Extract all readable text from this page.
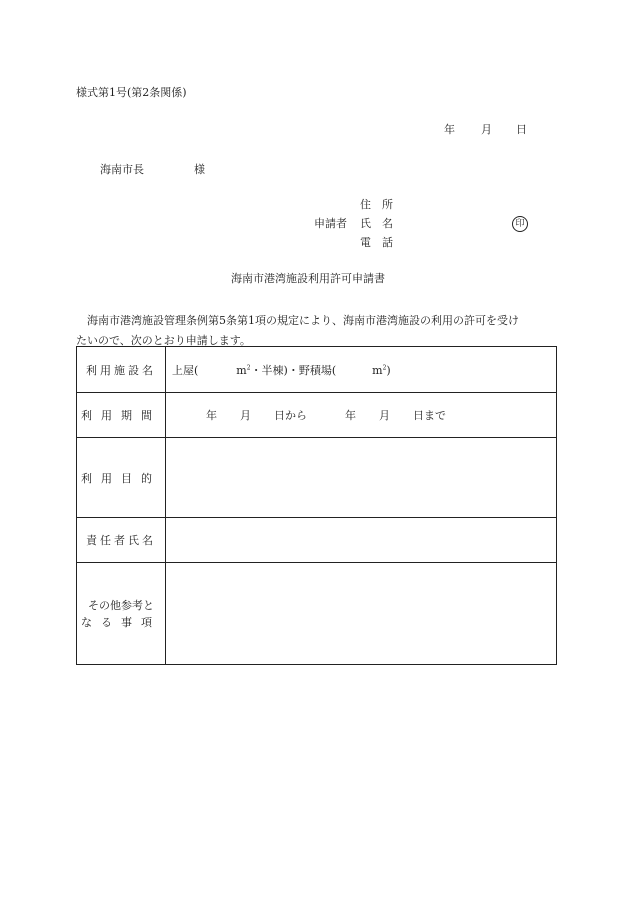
様式第1号(第2条関係)
年 月 日
海南市長	様
住　所
申請者 氏　名	印
電　話
海南市港湾施設利用許可申請書
海南市港湾施設管理条例第5条第1項の規定により、海南市港湾施設の利用の許可を受け
たいので、次のとおり申請します。
利用施設名	上屋( $m^2$・半棟)・野積場( $m^2$)
利用期間	年 月 日から 年 月 日まで
利用目的	
責任者氏名	

その他参考と
なる事項	
